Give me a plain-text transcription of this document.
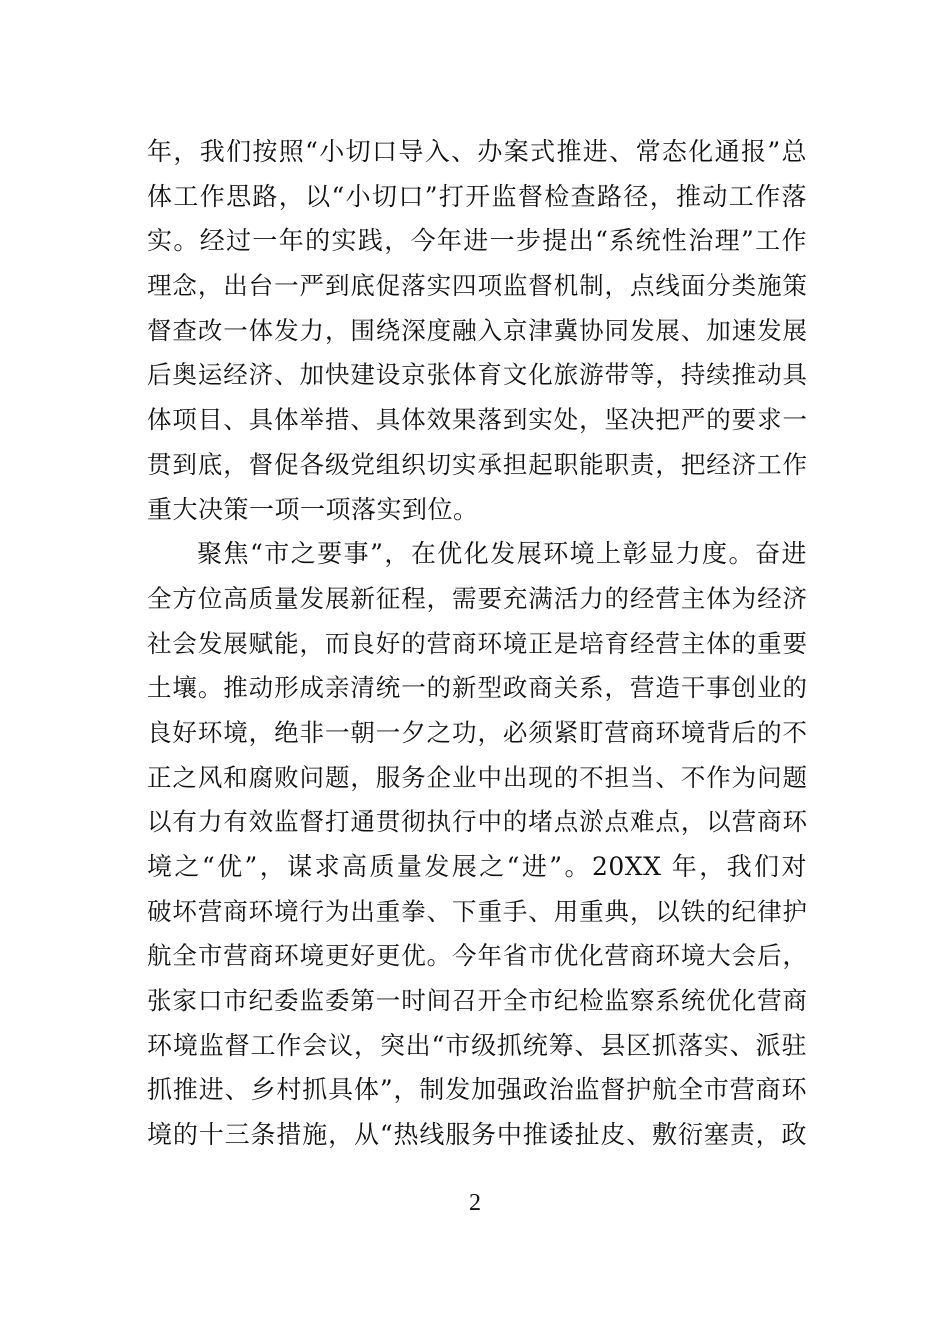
年，我们按照“小切口导入、办案式推进、常态化通报”总
体工作思路，以“小切口”打开监督检查路径，推动工作落
实。经过一年的实践，今年进一步提出“系统性治理”工作
理念，出台一严到底促落实四项监督机制，点线面分类施策
督查改一体发力，围绕深度融入京津冀协同发展、加速发展
后奥运经济、加快建设京张体育文化旅游带等，持续推动具
体项目、具体举措、具体效果落到实处，坚决把严的要求一
贯到底，督促各级党组织切实承担起职能职责，把经济工作
重大决策一项一项落实到位。
聚焦“市之要事”，在优化发展环境上彰显力度。奋进
全方位高质量发展新征程，需要充满活力的经营主体为经济
社会发展赋能，而良好的营商环境正是培育经营主体的重要
土壤。推动形成亲清统一的新型政商关系，营造干事创业的
良好环境，绝非一朝一夕之功，必须紧盯营商环境背后的不
正之风和腐败问题，服务企业中出现的不担当、不作为问题
以有力有效监督打通贯彻执行中的堵点淤点难点，以营商环
境之“优”，谋求高质量发展之“进”。20XX 年，我们对
破坏营商环境行为出重拳、下重手、用重典，以铁的纪律护
航全市营商环境更好更优。今年省市优化营商环境大会后，
张家口市纪委监委第一时间召开全市纪检监察系统优化营商
环境监督工作会议，突出“市级抓统筹、县区抓落实、派驻
抓推进、乡村抓具体”，制发加强政治监督护航全市营商环
境的十三条措施，从“热线服务中推诿扯皮、敷衍塞责，政
2
